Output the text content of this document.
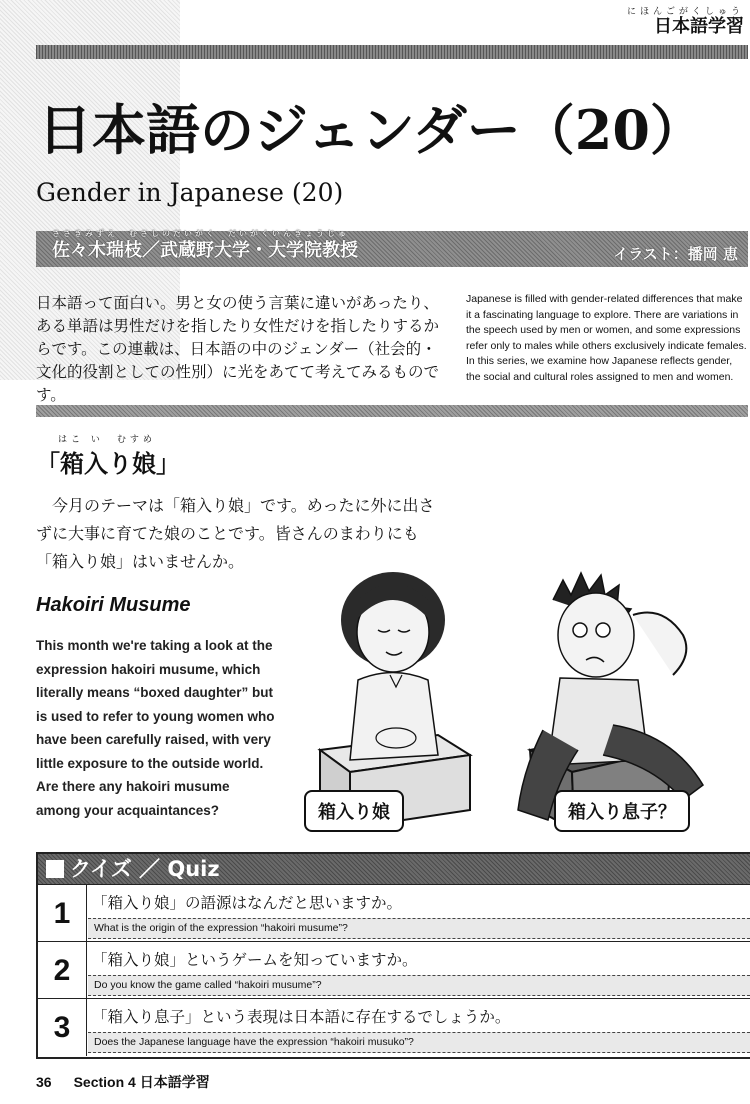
にほんごがくしゅう
日本語学習
日本語のジェンダー（20）
Gender in Japanese (20)
ささきみずえ　むさしのだいがく　だいがくいんきょうじゅ
佐々木瑞枝／武蔵野大学・大学院教授	イラスト：播岡 恵
日本語って面白い。男と女の使う言葉に違いがあったり、ある単語は男性だけを指したり女性だけを指したりするからです。この連載は、日本語の中のジェンダー（社会的・文化的役割としての性別）に光をあてて考えてみるものです。
Japanese is filled with gender-related differences that make it a fascinating language to explore. There are variations in the speech used by men or women, and some expressions refer only to males while others exclusively indicate females. In this series, we examine how Japanese reflects gender, the social and cultural roles assigned to men and women.
はこ い　むすめ
「箱入り娘」

今月のテーマは「箱入り娘」です。めったに外に出さずに大事に育てた娘のことです。皆さんのまわりにも「箱入り娘」はいませんか。

Hakoiri Musume
This month we're taking a look at the expression hakoiri musume, which literally means “boxed daughter” but is used to refer to young women who have been carefully raised, with very little exposure to the outside world. Are there any hakoiri musume among your acquaintances?	箱入り娘	箱入り息子？
クイズ ／ Quiz
1	「箱入り娘」の語源はなんだと思いますか。
What is the origin of the expression “hakoiri musume”?
2	「箱入り娘」というゲームを知っていますか。
Do you know the game called “hakoiri musume”?
3	「箱入り息子」という表現は日本語に存在するでしょうか。
Does the Japanese language have the expression “hakoiri musuko”?
36 Section 4 日本語学習
